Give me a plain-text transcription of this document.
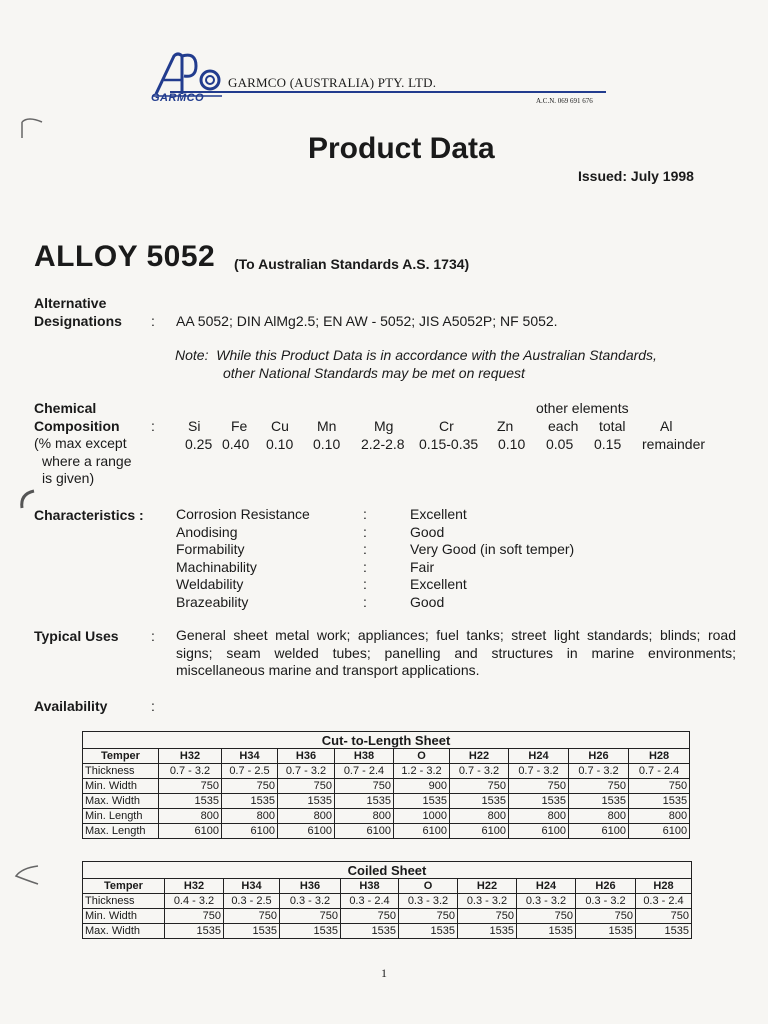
GARMCO (AUSTRALIA) PTY. LTD.
GARMCO	A.C.N. 069 691 676
Product Data
Issued: July 1998
ALLOY 5052 (To Australian Standards A.S. 1734)
Alternative
Designations : AA 5052; DIN AlMg2.5; EN AW - 5052; JIS A5052P; NF 5052.
Note: While this Product Data is in accordance with the Australian Standards,
other National Standards may be met on request
Chemical
Composition
(% max except
where a range
is given)
:
other elements
Si Fe Cu Mn	Mg	Cr	Zn each total Al
0.25 0.40 0.10 0.10 2.2-2.8 0.15-0.35 0.10 0.05 0.15 remainder
Characteristics : Corrosion Resistance	:	Excellent
Anodising	:	Good
Formability	:	Very Good (in soft temper)
Machinability	:	Fair
Weldability	:	Excellent
Brazeability	:	Good
Typical Uses : General sheet metal work; appliances; fuel tanks; street light standards; blinds; road signs; seam welded tubes; panelling and structures in marine environments; miscellaneous marine and transport applications.
Availability	:
Cut- to-Length Sheet									
Temper	H32	H34	H36	H38	O	H22	H24	H26	H28
Thickness	0.7 - 3.2	0.7 - 2.5	0.7 - 3.2	0.7 - 2.4	1.2 - 3.2	0.7 - 3.2	0.7 - 3.2	0.7 - 3.2	0.7 - 2.4
Min. Width	750	750	750	750	900	750	750	750	750
Max. Width	1535	1535	1535	1535	1535	1535	1535	1535	1535
Min. Length	800	800	800	800	1000	800	800	800	800
Max. Length	6100	6100	6100	6100	6100	6100	6100	6100	6100
Coiled Sheet									
Temper	H32	H34	H36	H38	O	H22	H24	H26	H28
Thickness	0.4 - 3.2	0.3 - 2.5	0.3 - 3.2	0.3 - 2.4	0.3 - 3.2	0.3 - 3.2	0.3 - 3.2	0.3 - 3.2	0.3 - 2.4
Min. Width	750	750	750	750	750	750	750	750	750
Max. Width	1535	1535	1535	1535	1535	1535	1535	1535	1535
1
